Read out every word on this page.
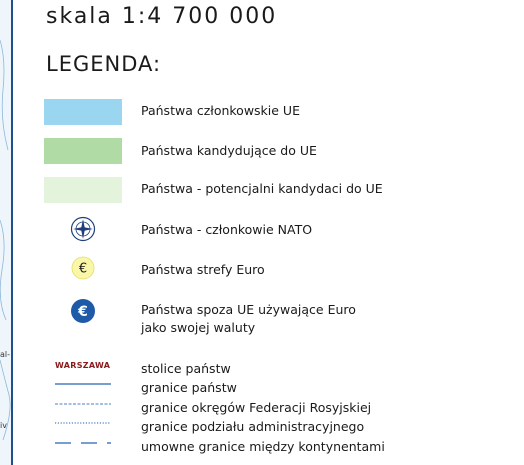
al-
iv
skala 1:4 700 000
LEGENDA:
Państwa członkowskie UE
Państwa kandydujące do UE
Państwa - potencjalni kandydaci do UE
Państwa - członkowie NATO
€	Państwa strefy Euro
€	Państwa spoza UE używające Euro
jako swojej waluty
WARSZAWA stolice państw
granice państw
granice okręgów Federacji Rosyjskiej
granice podziału administracyjnego
umowne granice między kontynentami
